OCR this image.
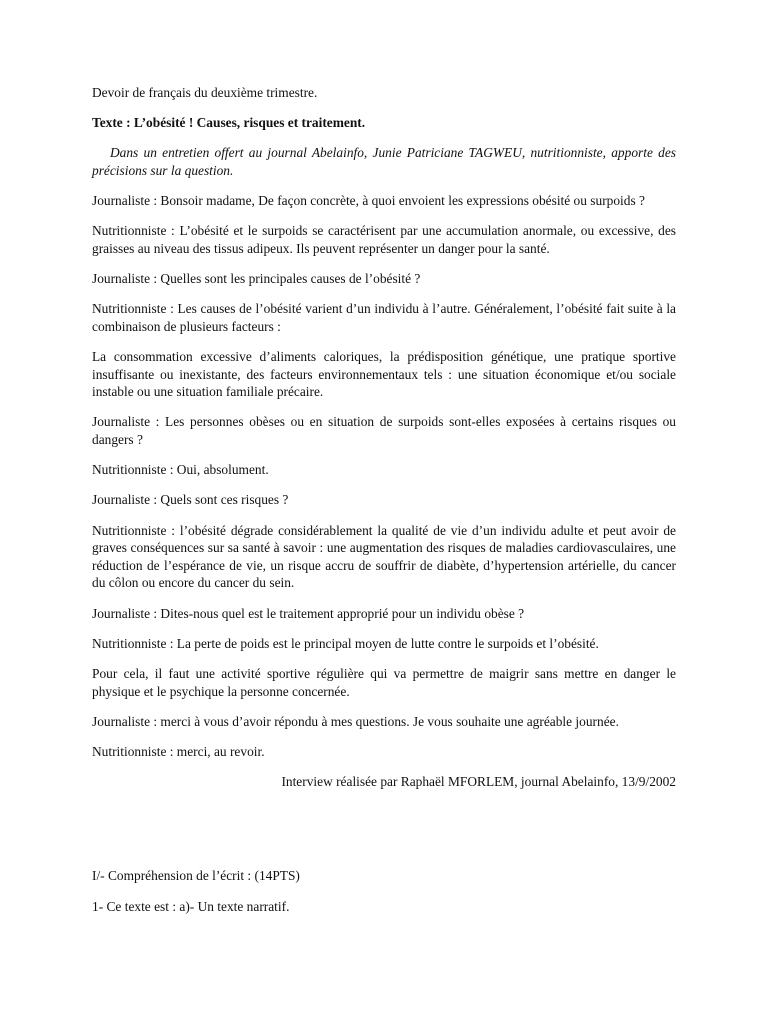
Devoir de français du deuxième trimestre.

Texte : L’obésité ! Causes, risques et traitement.

Dans un entretien offert au journal Abelainfo, Junie Patriciane TAGWEU, nutritionniste, apporte des précisions sur la question.

Journaliste : Bonsoir madame, De façon concrète, à quoi envoient les expressions obésité ou surpoids ?

Nutritionniste : L’obésité et le surpoids se caractérisent par une accumulation anormale, ou excessive, des graisses au niveau des tissus adipeux. Ils peuvent représenter un danger pour la santé.

Journaliste : Quelles sont les principales causes de l’obésité ?

Nutritionniste : Les causes de l’obésité varient d’un individu à l’autre. Généralement, l’obésité fait suite à la combinaison de plusieurs facteurs :

La consommation excessive d’aliments caloriques, la prédisposition génétique, une pratique sportive insuffisante ou inexistante, des facteurs environnementaux tels : une situation économique et/ou sociale instable ou une situation familiale précaire.

Journaliste : Les personnes obèses ou en situation de surpoids sont-elles exposées à certains risques ou dangers ?

Nutritionniste : Oui, absolument.

Journaliste : Quels sont ces risques ?

Nutritionniste : l’obésité dégrade considérablement la qualité de vie d’un individu adulte et peut avoir de graves conséquences sur sa santé à savoir : une augmentation des risques de maladies cardiovasculaires, une réduction de l’espérance de vie, un risque accru de souffrir de diabète, d’hypertension artérielle, du cancer du côlon ou encore du cancer du sein.

Journaliste : Dites-nous quel est le traitement approprié pour un individu obèse ?

Nutritionniste : La perte de poids est le principal moyen de lutte contre le surpoids et l’obésité.

Pour cela, il faut une activité sportive régulière qui va permettre de maigrir sans mettre en danger le physique et le psychique la personne concernée.

Journaliste : merci à vous d’avoir répondu à mes questions. Je vous souhaite une agréable journée.

Nutritionniste : merci, au revoir.

Interview réalisée par Raphaël MFORLEM, journal Abelainfo, 13/9/2002

I/- Compréhension de l’écrit : (14PTS)

1- Ce texte est : a)- Un texte narratif.
